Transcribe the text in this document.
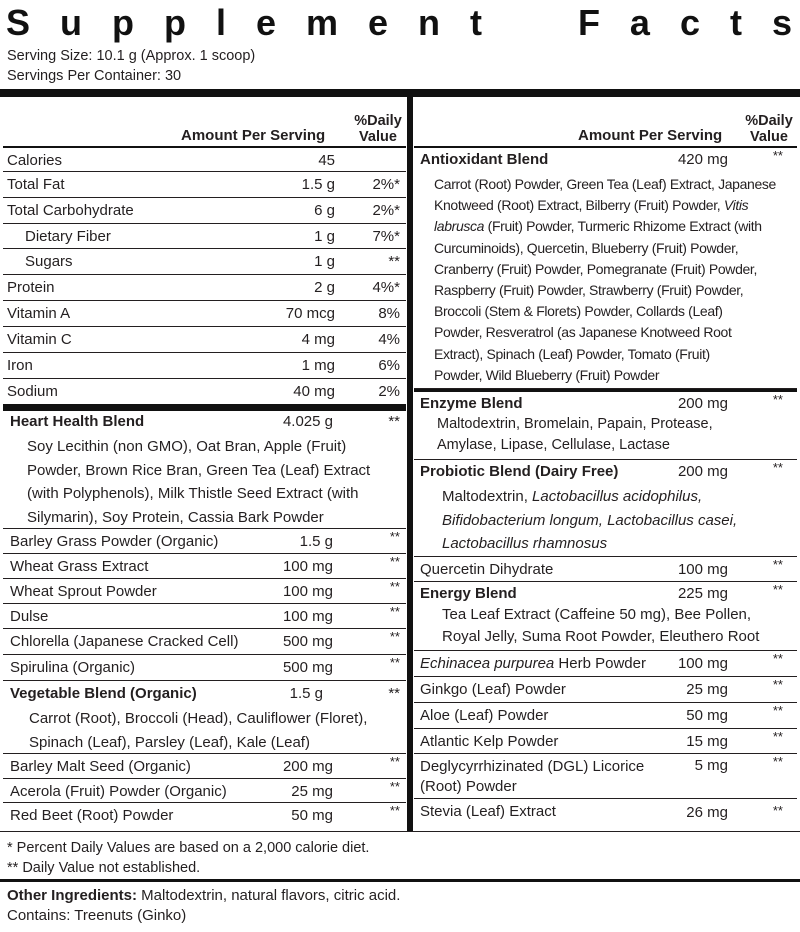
S u p p l e m e n t	F a c t s
Serving Size: 10.1 g (Approx. 1 scoop)
Servings Per Container: 30
Amount Per Serving
%Daily
Value
Calories	45
Total Fat	1.5 g 2%*
Total Carbohydrate	6 g 2%*
Dietary Fiber	1 g 7%*
Sugars	1 g	**
Protein	2 g 4%*
Vitamin A	70 mcg	8%
Vitamin C	4 mg	4%
Iron	1 mg	6%
Sodium	40 mg	2%
Heart Health Blend	4.025 g	**
Soy Lecithin (non GMO), Oat Bran, Apple (Fruit)
Powder, Brown Rice Bran, Green Tea (Leaf) Extract
(with Polyphenols), Milk Thistle Seed Extract (with
Silymarin), Soy Protein, Cassia Bark Powder
Barley Grass Powder (Organic)	1.5 g	**
Wheat Grass Extract	100 mg	**
Wheat Sprout Powder	100 mg	**
Dulse	100 mg	**
Chlorella (Japanese Cracked Cell)	500 mg	**
Spirulina (Organic)	500 mg	**
Vegetable Blend (Organic)	1.5 g	**
Carrot (Root), Broccoli (Head), Cauliflower (Floret),
Spinach (Leaf), Parsley (Leaf), Kale (Leaf)
Barley Malt Seed (Organic)	200 mg	**
Acerola (Fruit) Powder (Organic)	25 mg	**
Red Beet (Root) Powder	50 mg	**
Amount Per Serving
%Daily
Value
Antioxidant Blend	420 mg	**
Carrot (Root) Powder, Green Tea (Leaf) Extract, Japanese
Knotweed (Root) Extract, Bilberry (Fruit) Powder, Vitis
labrusca (Fruit) Powder, Turmeric Rhizome Extract (with
Curcuminoids), Quercetin, Blueberry (Fruit) Powder,
Cranberry (Fruit) Powder, Pomegranate (Fruit) Powder,
Raspberry (Fruit) Powder, Strawberry (Fruit) Powder,
Broccoli (Stem & Florets) Powder, Collards (Leaf)
Powder, Resveratrol (as Japanese Knotweed Root
Extract), Spinach (Leaf) Powder, Tomato (Fruit)
Powder, Wild Blueberry (Fruit) Powder
Enzyme Blend	200 mg	**
Maltodextrin, Bromelain, Papain, Protease,
Amylase, Lipase, Cellulase, Lactase
Probiotic Blend (Dairy Free)	200 mg	**
Maltodextrin, Lactobacillus acidophilus,
Bifidobacterium longum, Lactobacillus casei,
Lactobacillus rhamnosus
Quercetin Dihydrate	100 mg	**
Energy Blend	225 mg	**
Tea Leaf Extract (Caffeine 50 mg), Bee Pollen,
Royal Jelly, Suma Root Powder, Eleuthero Root
Echinacea purpurea Herb Powder	100 mg	**
Ginkgo (Leaf) Powder	25 mg	**
Aloe (Leaf) Powder	50 mg	**
Atlantic Kelp Powder	15 mg	**
Deglycyrrhizinated (DGL) Licorice
(Root) Powder
5 mg	**
Stevia (Leaf) Extract	26 mg	**
* Percent Daily Values are based on a 2,000 calorie diet.
** Daily Value not established.
Other Ingredients: Maltodextrin, natural flavors, citric acid.
Contains: Treenuts (Ginko)
